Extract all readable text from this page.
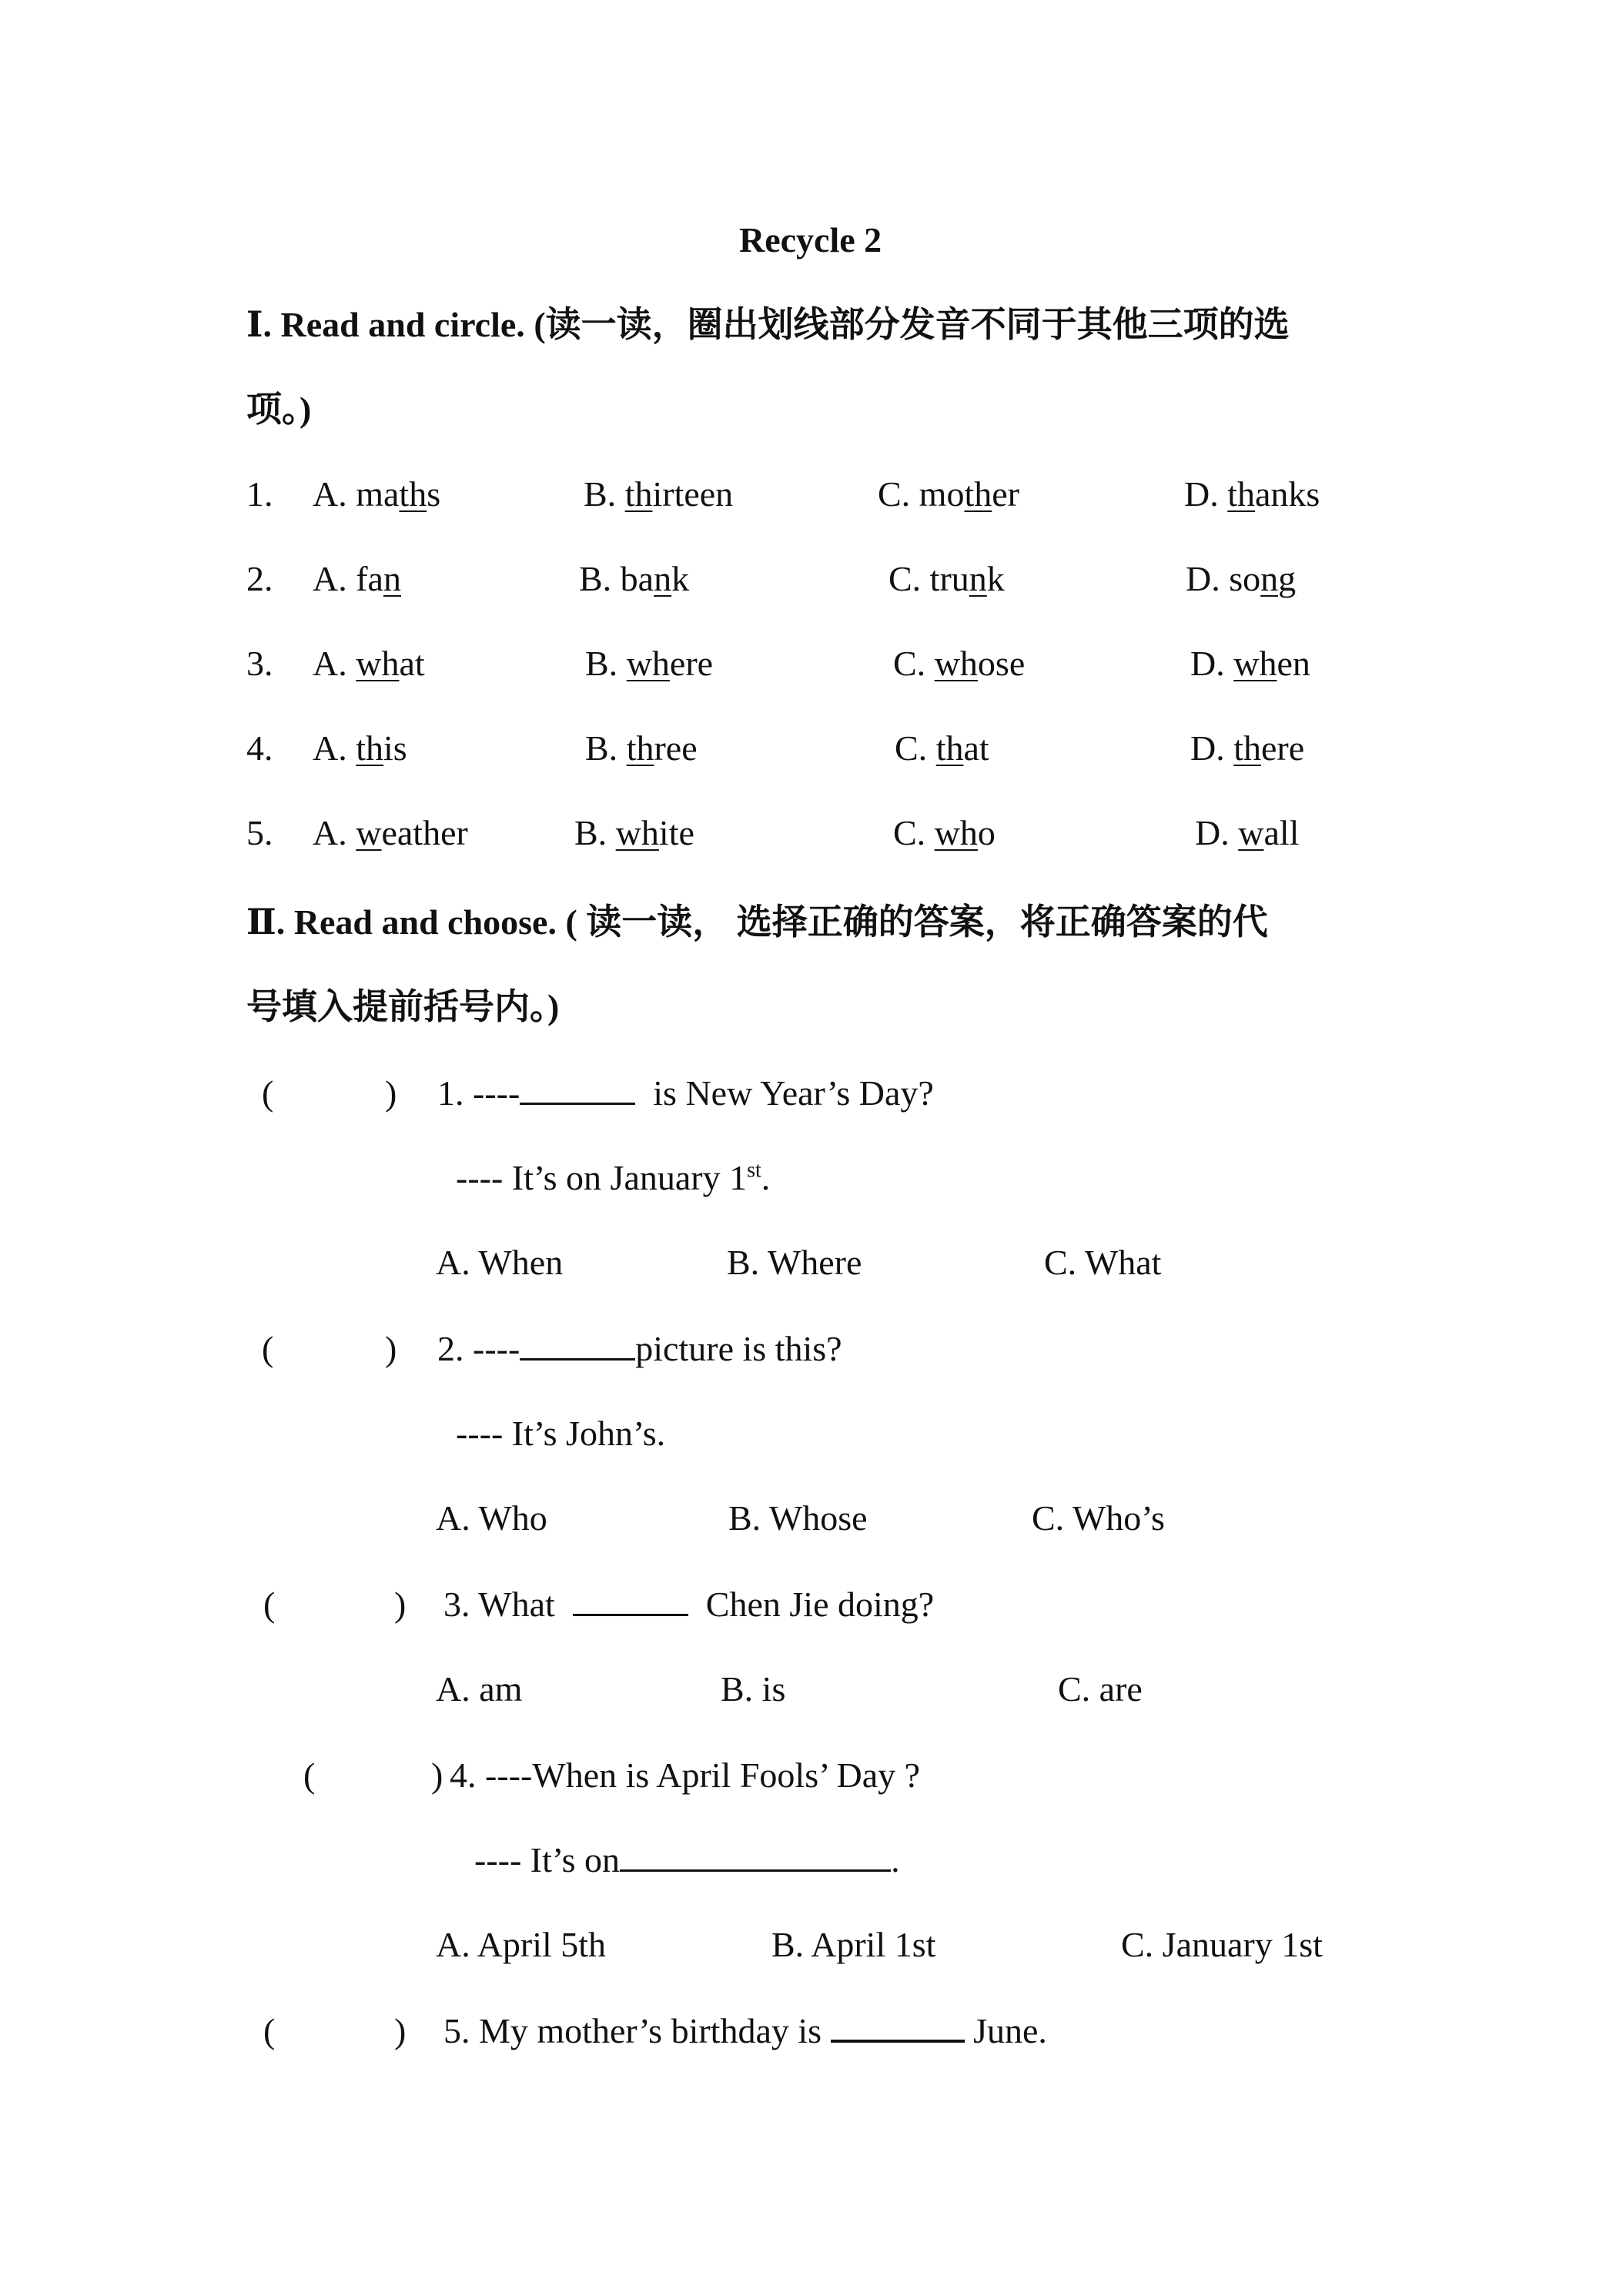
Recycle 2
Ⅰ. Read and circle. (读一读，圈出划线部分发音不同于其他三项的选
项。)
1. A. maths	B. thirteen	C. mother	D. thanks
2. A. fan	B. bank	C. trunk	D. song
3. A. what	B. where	C. whose	D. when
4. A. this	B. three	C. that	D. there
5. A. weather	B. white	C. who	D. wall
Ⅱ. Read and choose. ( 读一读， 选择正确的答案，将正确答案的代
号填入提前括号内。)
(	) 1. ----	is New Year’s Day?
---- It’s on January 1st.
A. When	B. Where	C. What
(	) 2. ----	picture is this?
---- It’s John’s.
A. Who	B. Whose	C. Who’s
(	) 3. What	Chen Jie doing?
A. am	B. is	C. are
(	) 4. ----When is April Fools’ Day ?
---- It’s on	.
A. April 5th	B. April 1st	C. January 1st
(	) 5. My mother’s birthday is	June.
